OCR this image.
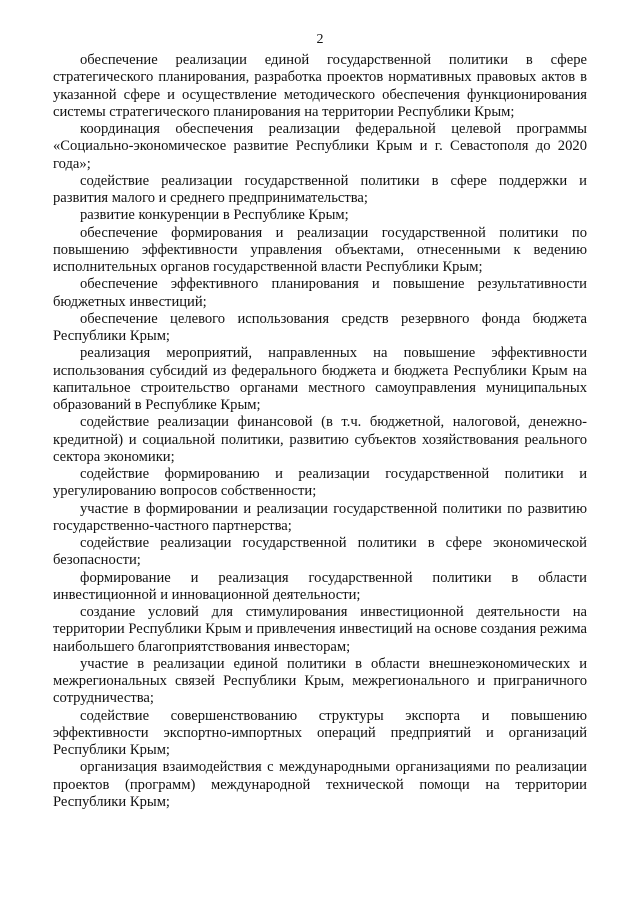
2

обеспечение реализации единой государственной политики в сфере стратегического планирования, разработка проектов нормативных правовых актов в указанной сфере и осуществление методического обеспечения функционирования системы стратегического планирования на территории Республики Крым;

координация обеспечения реализации федеральной целевой программы «Социально-экономическое развитие Республики Крым и г. Севастополя до 2020 года»;

содействие реализации государственной политики в сфере поддержки и развития малого и среднего предпринимательства;

развитие конкуренции в Республике Крым;

обеспечение формирования и реализации государственной политики по повышению эффективности управления объектами, отнесенными к ведению исполнительных органов государственной власти Республики Крым;

обеспечение эффективного планирования и повышение результативности бюджетных инвестиций;

обеспечение целевого использования средств резервного фонда бюджета Республики Крым;

реализация мероприятий, направленных на повышение эффективности использования субсидий из федерального бюджета и бюджета Республики Крым на капитальное строительство органами местного самоуправления муниципальных образований в Республике Крым;

содействие реализации финансовой (в т.ч. бюджетной, налоговой, денежно-кредитной) и социальной политики, развитию субъектов хозяйствования реального сектора экономики;

содействие формированию и реализации государственной политики и урегулированию вопросов собственности;

участие в формировании и реализации государственной политики по развитию государственно-частного партнерства;

содействие реализации государственной политики в сфере экономической безопасности;

формирование и реализация государственной политики в области инвестиционной и инновационной деятельности;

создание условий для стимулирования инвестиционной деятельности на территории Республики Крым и привлечения инвестиций на основе создания режима наибольшего благоприятствования инвесторам;

участие в реализации единой политики в области внешнеэкономических и межрегиональных связей Республики Крым, межрегионального и приграничного сотрудничества;

содействие совершенствованию структуры экспорта и повышению эффективности экспортно-импортных операций предприятий и организаций Республики Крым;

организация взаимодействия с международными организациями по реализации проектов (программ) международной технической помощи на территории Республики Крым;
